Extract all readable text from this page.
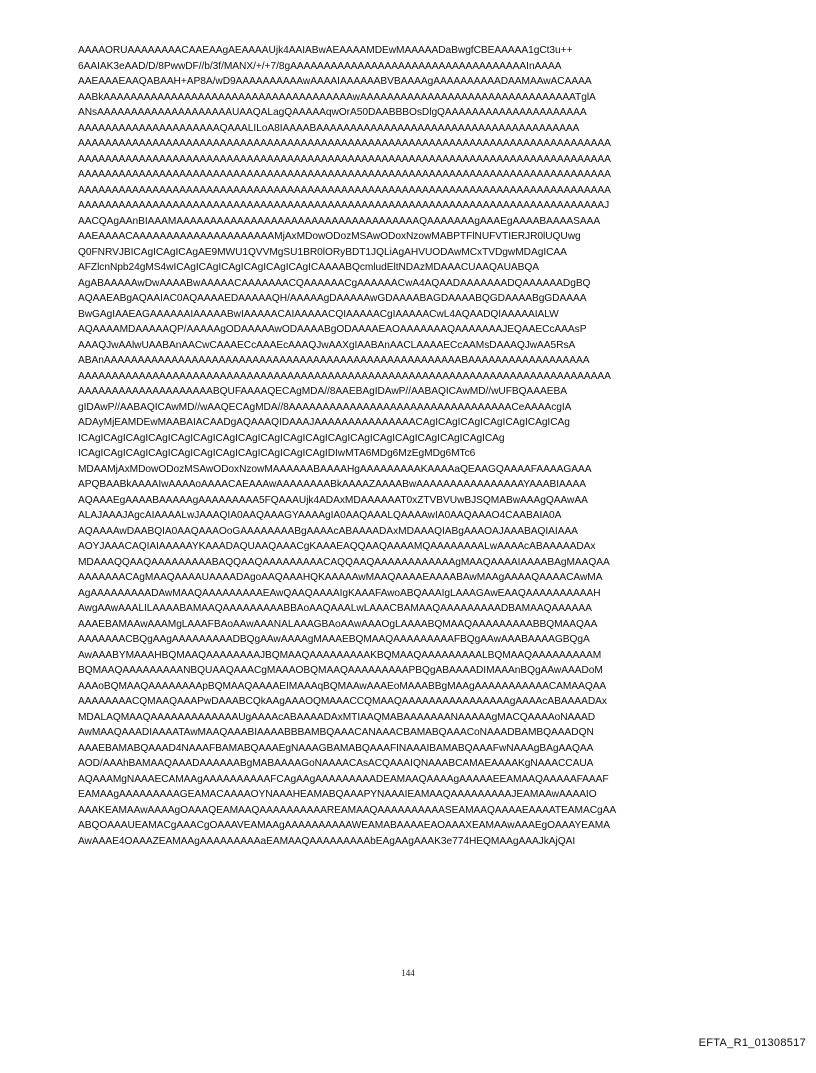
AAAAORUAAAAAAAACAAEAAgAEAAAAUjk4AAIABwAEAAAAMDEwMAAAAADaBwgfCBEAAAAA1gCt3u++

6AAIAK3eAAD/D/8PwwDF//b/3f/MANX/+/+7/8gAAAAAAAAAAAAAAAAAAAAAAAAAAAAAAAAAAAInAAAA

AAEAAAEAAQABAAH+AP8A/wD9AAAAAAAAAAwAAAAIAAAAAABVBAAAAgAAAAAAAAAADAAMAAwACAAAA

AABkAAAAAAAAAAAAAAAAAAAAAAAAAAAAAAAAAAAAAwAAAAAAAAAAAAAAAAAAAAAAAAAAAAAAAATglA

ANsAAAAAAAAAAAAAAAAAAAAUAAQALagQAAAAAqwOrA50DAABBBOsDlgQAAAAAAAAAAAAAAAAAAAAA

AAAAAAAAAAAAAAAAAAAAAQAAALILoA8IAAAABAAAAAAAAAAAAAAAAAAAAAAAAAAAAAAAAAAAAAAA

AAAAAAAAAAAAAAAAAAAAAAAAAAAAAAAAAAAAAAAAAAAAAAAAAAAAAAAAAAAAAAAAAAAAAAAAAAAAAAA

AAAAAAAAAAAAAAAAAAAAAAAAAAAAAAAAAAAAAAAAAAAAAAAAAAAAAAAAAAAAAAAAAAAAAAAAAAAAAAA

AAAAAAAAAAAAAAAAAAAAAAAAAAAAAAAAAAAAAAAAAAAAAAAAAAAAAAAAAAAAAAAAAAAAAAAAAAAAAAA

AAAAAAAAAAAAAAAAAAAAAAAAAAAAAAAAAAAAAAAAAAAAAAAAAAAAAAAAAAAAAAAAAAAAAAAAAAAAAAA

AAAAAAAAAAAAAAAAAAAAAAAAAAAAAAAAAAAAAAAAAAAAAAAAAAAAAAAAAAAAAAAAAAAAAAAAAAAAAAJ

AACQAgAAnBIAAAMAAAAAAAAAAAAAAAAAAAAAAAAAAAAAAAAAAAAQAAAAAAAgAAAEgAAAABAAAASAAA

AAEAAAACAAAAAAAAAAAAAAAAAAAAAMjAxMDowODozMSAwODoxNzowMABPTFlNUFVTIERJR0lUQUwg

Q0FNRVJBICAgICAgICAgAE9MWU1QVVMgSU1BR0lORyBDT1JQLiAgAHVUODAwMCxTVDgwMDAgICAA

AFZlcnNpb24gMS4wICAgICAgICAgICAgICAgICAgICAAAABQcmludEltNDAzMDAAACUAAQAUABQA

AgABAAAAAwDwAAAABwAAAAACAAAAAAACQAAAAAACgAAAAAACwA4AQAADAAAAAAADQAAAAAADgBQ

AQAAEABgAQAAIAC0AQAAAAEDAAAAAQH/AAAAAgDAAAAAwGDAAAABAGDAAAABQGDAAAABgGDAAAA

BwGAgIAAEAGAAAAAAIAAAAABwIAAAAACAIAAAAACQIAAAAACgIAAAAACwL4AQAADQIAAAAAIALW

AQAAAAMDAAAAAQP/AAAAAgODAAAAAwODAAAABgODAAAAEAOAAAAAAAQAAAAAAAJEQAAECcAAAsP

AAAQJwAAlwUAABAnAACwCAAAECcAAAEcAAAQJwAAXgIAABAnAACLAAAAECcAAMsDAAAQJwAA5RsA

ABAnAAAAAAAAAAAAAAAAAAAAAAAAAAAAAAAAAAAAAAAAAAAAAAAAAAAAABAAAAAAAAAAAAAAAAAA

AAAAAAAAAAAAAAAAAAAAAAAAAAAAAAAAAAAAAAAAAAAAAAAAAAAAAAAAAAAAAAAAAAAAAAAAAAAAAAA

AAAAAAAAAAAAAAAAAAAABQUFAAAAQECAgMDA//8AAEBAgIDAwP//AABAQICAwMD//wUFBQAAAEBA

gIDAwP//AABAQICAwMD//wAAQECAgMDA//8AAAAAAAAAAAAAAAAAAAAAAAAAAAAAAAAACeAAAAcgIA

ADAyMjEAMDEwMAABAIACAADgAQAAAQIDAAAJAAAAAAAAAAAAAAACAgICAgICAgICAgICAgICAgICAg

ICAgICAgICAgICAgICAgICAgICAgICAgICAgICAgICAgICAgICAgICAgICAgICAgICAgICAgICAg

ICAgICAgICAgICAgICAgICAgICAgICAgICAgICAgICAgIDIwMTA6MDg6MzEgMDg6MTc6

MDAAMjAxMDowODozMSAwODoxNzowMAAAAAABAAAAHgAAAAAAAAAKAAAAaQEAAGQAAAAFAAAAGAAA

APQBAABkAAAAIwAAAAoAAAACAEAAAwAAAAAAAABkAAAAZAAAABwAAAAAAAAAAAAAAAAYAAABIAAAA

AQAAAEgAAAABAAAAAgAAAAAAAAA5FQAAAUjk4ADAxMDAAAAAAT0xZTVBVUwBJSQMABwAAAgQAAwAA

ALAJAAAJAgcAIAAAALwJAAAQIA0AAQAAAGYAAAAgIA0AAQAAALQAAAAwIA0AAQAAAO4CAABAIA0A

AQAAAAwDAABQIA0AAQAAAOoGAAAAAAAABgAAAAcABAAAADAxMDAAAQIABgAAAOAJAAABAQIAIAAA

AOYJAAACAQIAIAAAAAYKAAADAQUAAQAAACgKAAAEAQQAAQAAAAMQAAAAAAAALwAAAAcABAAAAADAx

MDAAAQQAAQAAAAAAAAABAQQAAQAAAAAAAAACAQQAAQAAAAAAAAAAAAgMAAQAAAAIAAAABAgMAAQAA

AAAAAAACAgMAAQAAAAUAAAADAgoAAQAAAHQKAAAAAwMAAQAAAAEAAAABAwMAAgAAAAQAAAACAwMA

AgAAAAAAAAADAwMAAQAAAAAAAAAEAwQAAQAAAAIgKAAAFAwoABQAAAIgLAAAGAwEAAQAAAAAAAAAAH

AwgAAwAAALILAAAABAMAAQAAAAAAAAABBAoAAQAAALwLAAACBAMAAQAAAAAAAAADBAMAAQAAAAAA

AAAEBAMAAwAAAMgLAAAFBAoAAwAAANALAAAGBAoAAwAAAOgLAAAABQMAAQAAAAAAAAABBQMAAQAA

AAAAAAACBQgAAgAAAAAAAAADBQgAAwAAAAgMAAAEBQMAAQAAAAAAAAAFBQgAAwAAABAAAAGBQgA

AwAAABYMAAAHBQMAAQAAAAAAAAJBQMAAQAAAAAAAAAKBQMAAQAAAAAAAAALBQMAAQAAAAAAAAAM

BQMAAQAAAAAAAAANBQUAAQAAACgMAAAOBQMAAQAAAAAAAAAPBQgABAAAADIMAAAnBQgAAwAAADoM

AAAoBQMAAQAAAAAAAApBQMAAQAAAAEIMAAAqBQMAAwAAAEoMAAABBgMAAgAAAAAAAAAAACAMAAQAA

AAAAAAAACQMAAQAAAPwDAAABCQkAAgAAAOQMAAACCQMAAQAAAAAAAAAAAAAAAAgAAAAcABAAAADAx

MDALAQMAAQAAAAAAAAAAAAAUgAAAAcABAAAADAxMTIAAQMABAAAAAAANAAAAAgMACQAAAAoNAAAD

AwMAAQAAADIAAAATAwMAAQAAABIAAAABBBAMBQAAACANAAACBAMABQAAACoNAAADBAMBQAAADQN

AAAEBAMABQAAAD4NAAAFBAMABQAAAEgNAAAGBAMABQAAAFINAAAIBAMABQAAAFwNAAAgBAgAAQAA

AOD/AAAhBAMAAQAAADAAAAAABgMABAAAAGoNAAAACAsACQAAAIQNAAABCAMAEAAAAKgNAAACCAUA

AQAAAMgNAAAECAMAAgAAAAAAAAAAFCAgAAgAAAAAAAAADEAMAAQAAAAgAAAAAEEAMAAQAAAAAFAAAF

EAMAAgAAAAAAAAAGEAMACAAAAOYNAAAHEAMABQAAAPYNAAAIEAMAAQAAAAAAAAAJEAMAAwAAAAIO

AAAKEAMAAwAAAAgOAAAQEAMAAQAAAAAAAAAAREAMAAQAAAAAAAAAASEAMAAQAAAAEAAAATEAMACgAA

ABQOAAAUEAMACgAAACgOAAAVEAMAAgAAAAAAAAAAWEAMABAAAAEAOAAAXEAMAAwAAAEgOAAAYEAMA

AwAAAE4OAAAZEAMAAgAAAAAAAAAaEAMAAQAAAAAAAAAbEAgAAgAAAK3e774HEQMAAgAAAJkAjQAI

144
EFTA_R1_01308517
